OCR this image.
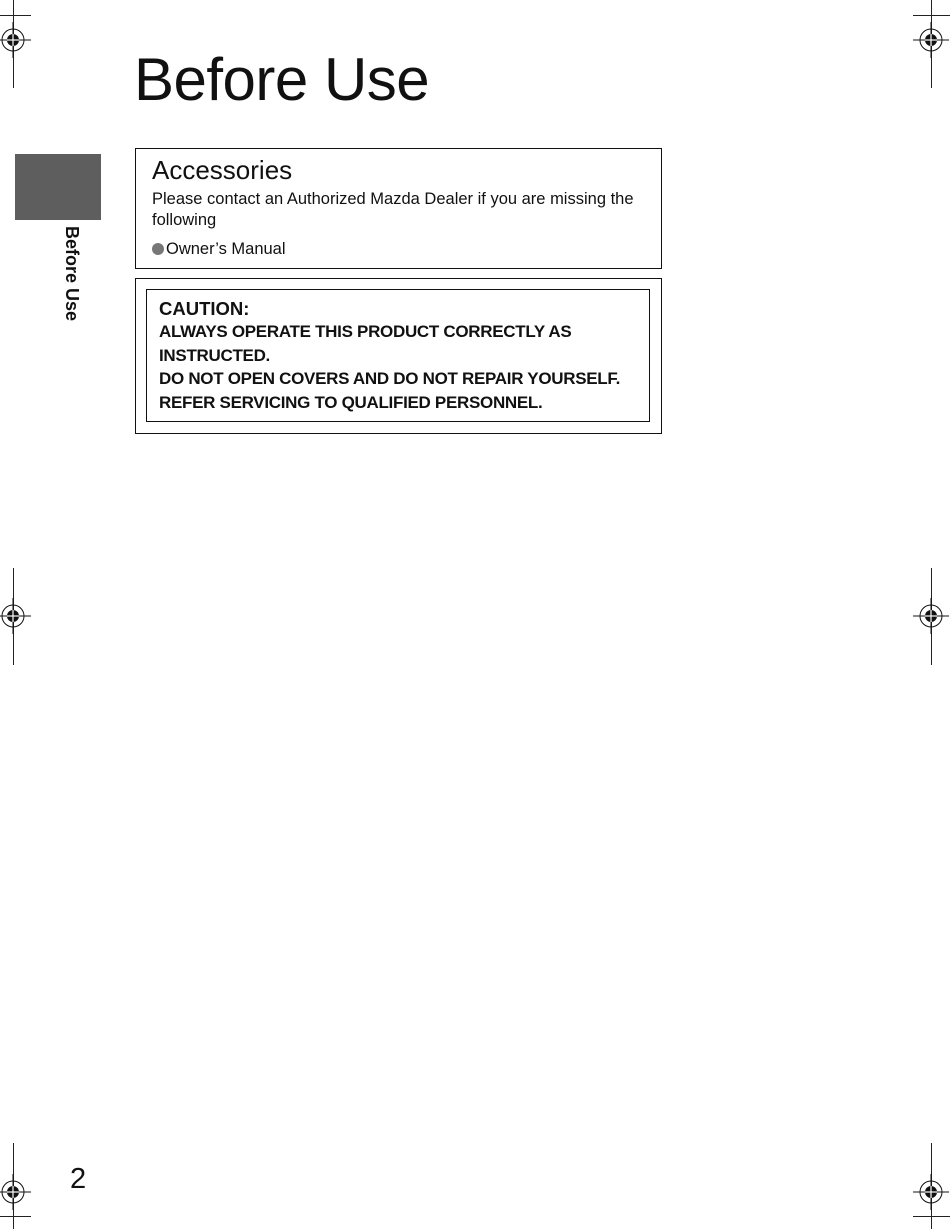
Before Use
Before Use
Accessories

Please contact an Authorized Mazda Dealer if you are missing the following

Owner’s Manual
CAUTION:
ALWAYS OPERATE THIS PRODUCT CORRECTLY AS
INSTRUCTED.
DO NOT OPEN COVERS AND DO NOT REPAIR YOURSELF.
REFER SERVICING TO QUALIFIED PERSONNEL.
2
